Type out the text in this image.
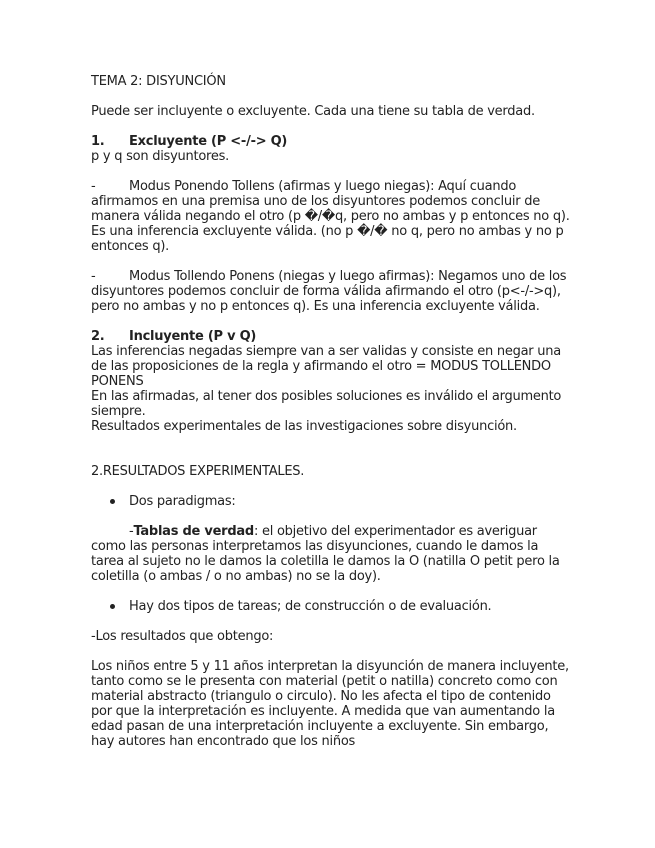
TEMA 2: DISYUNCIÓN

Puede ser incluyente o excluyente. Cada una tiene su tabla de verdad.

1.	Excluyente (P <-/-> Q)

p y q son disyuntores.

-	Modus Ponendo Tollens (afirmas y luego niegas): Aquí cuando afirmamos en una premisa uno de los disyuntores podemos concluir de manera válida negando el otro (p �/�q, pero no ambas y p entonces no q). Es una inferencia excluyente válida. (no p �/� no q, pero no ambas y no p entonces q).

-	Modus Tollendo Ponens (niegas y luego afirmas): Negamos uno de los disyuntores podemos concluir de forma válida afirmando el otro (p<-/->q), pero no ambas y no p entonces q). Es una inferencia excluyente válida.

2.	Incluyente (P v Q)

Las inferencias negadas siempre van a ser validas y consiste en negar una de las proposiciones de la regla y afirmando el otro = MODUS TOLLENDO PONENS

En las afirmadas, al tener dos posibles soluciones es inválido el argumento siempre.

Resultados experimentales de las investigaciones sobre disyunción.

2.RESULTADOS EXPERIMENTALES.

Dos paradigmas:

-Tablas de verdad: el objetivo del experimentador es averiguar como las personas interpretamos las disyunciones, cuando le damos la tarea al sujeto no le damos la coletilla le damos la O (natilla O petit pero la coletilla (o ambas / o no ambas) no se la doy).

Hay dos tipos de tareas; de construcción o de evaluación.

-Los resultados que obtengo:

Los niños entre 5 y 11 años interpretan la disyunción de manera incluyente, tanto como se le presenta con material (petit o natilla) concreto como con material abstracto (triangulo o circulo). No les afecta el tipo de contenido por que la interpretación es incluyente. A medida que van aumentando la edad pasan de una interpretación incluyente a excluyente. Sin embargo, hay autores han encontrado que los niños
